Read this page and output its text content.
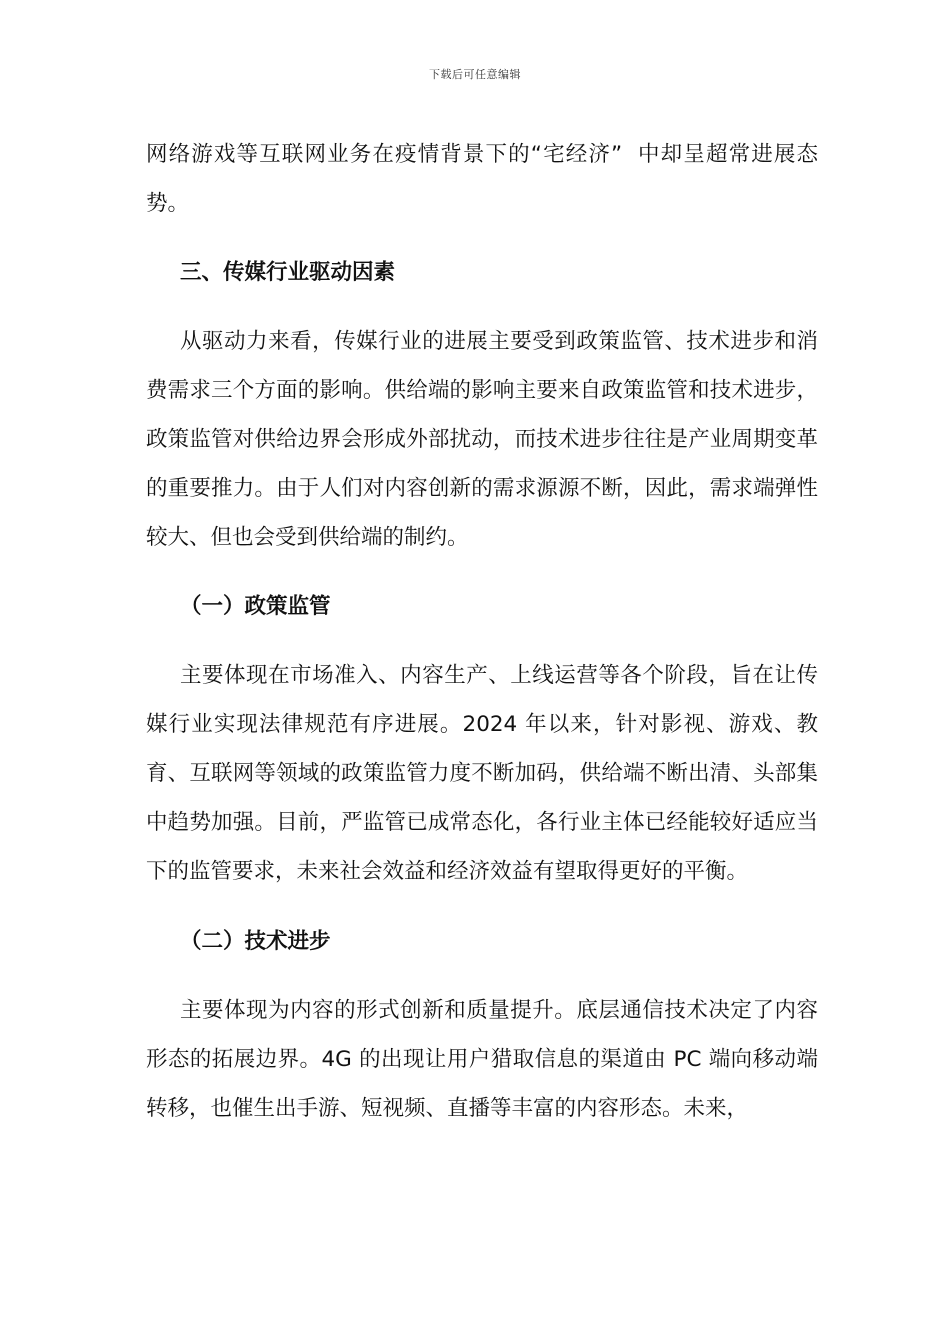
下载后可任意编辑

网络游戏等互联网业务在疫情背景下的“宅经济”  中却呈超常进展态势。

三、传媒行业驱动因素

从驱动力来看，传媒行业的进展主要受到政策监管、技术进步和消费需求三个方面的影响。供给端的影响主要来自政策监管和技术进步，政策监管对供给边界会形成外部扰动，而技术进步往往是产业周期变革的重要推力。由于人们对内容创新的需求源源不断，因此，需求端弹性较大、但也会受到供给端的制约。

（一）政策监管

主要体现在市场准入、内容生产、上线运营等各个阶段，旨在让传媒行业实现法律规范有序进展。2024 年以来，针对影视、游戏、教育、互联网等领域的政策监管力度不断加码，供给端不断出清、头部集中趋势加强。目前，严监管已成常态化，各行业主体已经能较好适应当下的监管要求，未来社会效益和经济效益有望取得更好的平衡。

（二）技术进步

主要体现为内容的形式创新和质量提升。底层通信技术决定了内容形态的拓展边界。4G 的出现让用户猎取信息的渠道由 PC 端向移动端转移，也催生出手游、短视频、直播等丰富的内容形态。未来，
